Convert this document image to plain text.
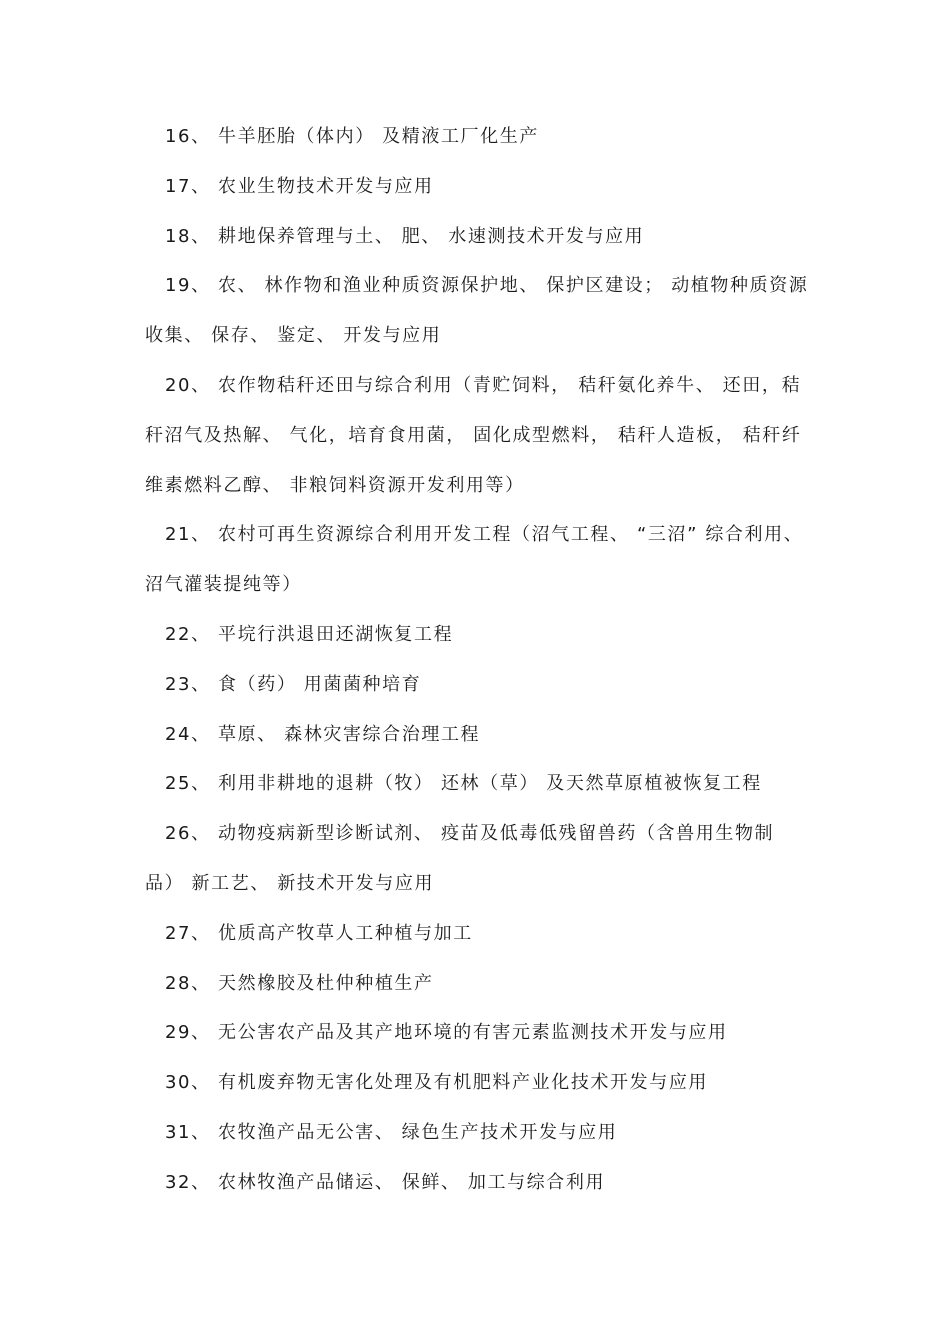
16、 牛羊胚胎（体内） 及精液工厂化生产

17、 农业生物技术开发与应用

18、 耕地保养管理与土、 肥、 水速测技术开发与应用

19、 农、 林作物和渔业种质资源保护地、 保护区建设； 动植物种质资源收集、 保存、 鉴定、 开发与应用

20、 农作物秸秆还田与综合利用（青贮饲料， 秸秆氨化养牛、 还田，秸秆沼气及热解、 气化，培育食用菌， 固化成型燃料， 秸秆人造板， 秸秆纤维素燃料乙醇、 非粮饲料资源开发利用等）

21、 农村可再生资源综合利用开发工程（沼气工程、 “三沼” 综合利用、 沼气灌装提纯等）

22、 平垸行洪退田还湖恢复工程

23、 食（药） 用菌菌种培育

24、 草原、 森林灾害综合治理工程

25、 利用非耕地的退耕（牧） 还林（草） 及天然草原植被恢复工程

26、 动物疫病新型诊断试剂、 疫苗及低毒低残留兽药（含兽用生物制品） 新工艺、 新技术开发与应用

27、 优质高产牧草人工种植与加工

28、 天然橡胶及杜仲种植生产

29、 无公害农产品及其产地环境的有害元素监测技术开发与应用

30、 有机废弃物无害化处理及有机肥料产业化技术开发与应用

31、 农牧渔产品无公害、 绿色生产技术开发与应用

32、 农林牧渔产品储运、 保鲜、 加工与综合利用
